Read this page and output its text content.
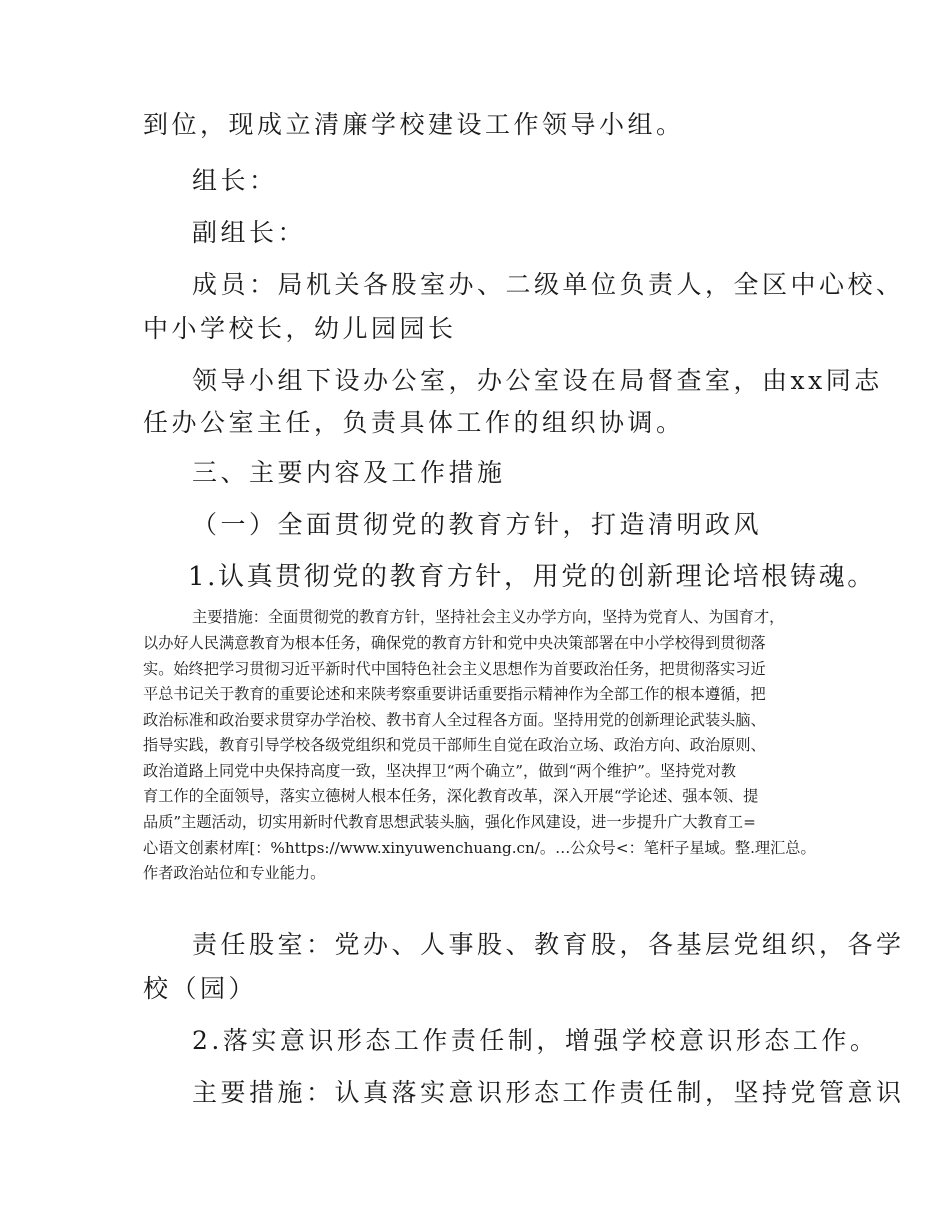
到位，现成立清廉学校建设工作领导小组。
组长：
副组长：
成员：局机关各股室办、二级单位负责人，全区中心校、
中小学校长，幼儿园园长
领导小组下设办公室，办公室设在局督查室，由xx同志
任办公室主任，负责具体工作的组织协调。
三、主要内容及工作措施
（一）全面贯彻党的教育方针，打造清明政风
1.认真贯彻党的教育方针，用党的创新理论培根铸魂。
主要措施：全面贯彻党的教育方针，坚持社会主义办学方向，坚持为党育人、为国育才，
以办好人民满意教育为根本任务，确保党的教育方针和党中央决策部署在中小学校得到贯彻落
实。始终把学习贯彻习近平新时代中国特色社会主义思想作为首要政治任务，把贯彻落实习近
平总书记关于教育的重要论述和来陕考察重要讲话重要指示精神作为全部工作的根本遵循，把
政治标准和政治要求贯穿办学治校、教书育人全过程各方面。坚持用党的创新理论武装头脑、
指导实践，教育引导学校各级党组织和党员干部师生自觉在政治立场、政治方向、政治原则、
政治道路上同党中央保持高度一致，坚决捍卫“两个确立”，做到“两个维护”。坚持党对教
育工作的全面领导，落实立德树人根本任务，深化教育改革，深入开展“学论述、强本领、提
品质”主题活动，切实用新时代教育思想武装头脑，强化作风建设，进一步提升广大教育工=
心语文创素材库[：%https://www.xinyuwenchuang.cn/。…公众号<：笔杆子星域。整.理汇总。
作者政治站位和专业能力。
责任股室：党办、人事股、教育股，各基层党组织，各学
校（园）
2.落实意识形态工作责任制，增强学校意识形态工作。
主要措施：认真落实意识形态工作责任制，坚持党管意识
